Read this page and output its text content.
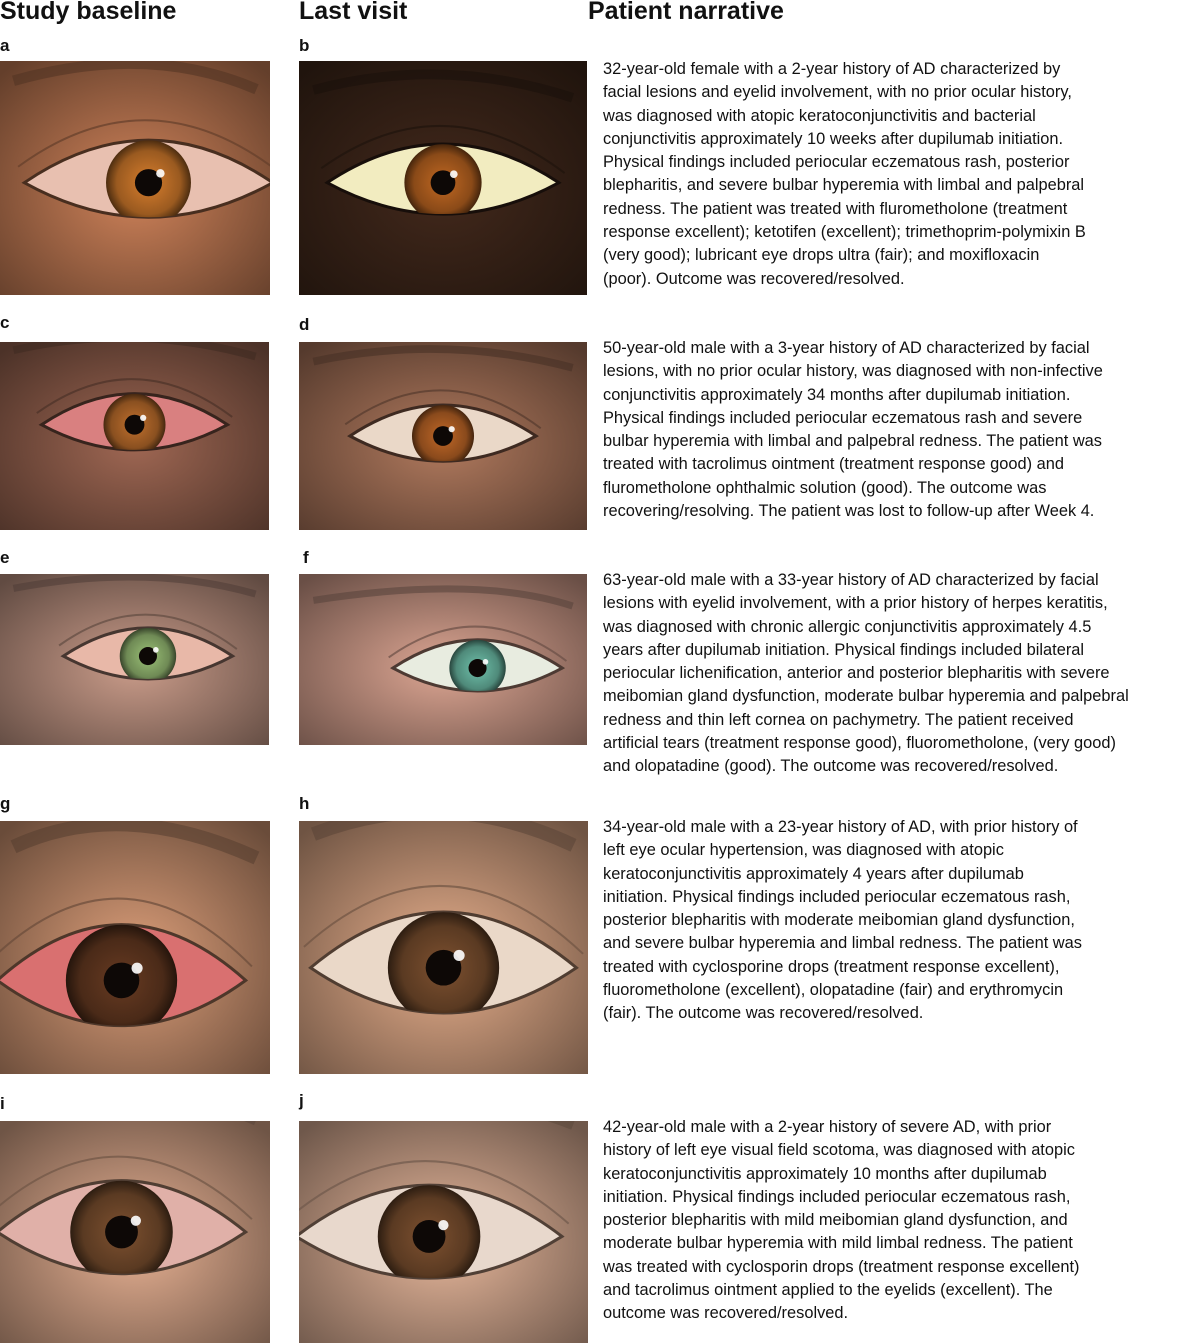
Study baseline	Last visit	Patient narrative
a	b
32-year-old female with a 2-year history of AD characterized by
facial lesions and eyelid involvement, with no prior ocular history,
was diagnosed with atopic keratoconjunctivitis and bacterial
conjunctivitis approximately 10 weeks after dupilumab initiation.
Physical findings included periocular eczematous rash, posterior
blepharitis, and severe bulbar hyperemia with limbal and palpebral
redness. The patient was treated with flurometholone (treatment
response excellent); ketotifen (excellent); trimethoprim-polymixin B
(very good); lubricant eye drops ultra (fair); and moxifloxacin
(poor). Outcome was recovered/resolved.
c	d
50-year-old male with a 3-year history of AD characterized by facial
lesions, with no prior ocular history, was diagnosed with non-infective
conjunctivitis approximately 34 months after dupilumab initiation.
Physical findings included periocular eczematous rash and severe
bulbar hyperemia with limbal and palpebral redness. The patient was
treated with tacrolimus ointment (treatment response good) and
flurometholone ophthalmic solution (good). The outcome was
recovering/resolving. The patient was lost to follow-up after Week 4.
e	f
63-year-old male with a 33-year history of AD characterized by facial
lesions with eyelid involvement, with a prior history of herpes keratitis,
was diagnosed with chronic allergic conjunctivitis approximately 4.5
years after dupilumab initiation. Physical findings included bilateral
periocular lichenification, anterior and posterior blepharitis with severe
meibomian gland dysfunction, moderate bulbar hyperemia and palpebral
redness and thin left cornea on pachymetry. The patient received
artificial tears (treatment response good), fluorometholone, (very good)
and olopatadine (good). The outcome was recovered/resolved.
g	h
34-year-old male with a 23-year history of AD, with prior history of
left eye ocular hypertension, was diagnosed with atopic
keratoconjunctivitis approximately 4 years after dupilumab
initiation. Physical findings included periocular eczematous rash,
posterior blepharitis with moderate meibomian gland dysfunction,
and severe bulbar hyperemia and limbal redness. The patient was
treated with cyclosporine drops (treatment response excellent),
fluorometholone (excellent), olopatadine (fair) and erythromycin
(fair). The outcome was recovered/resolved.
i	j
42-year-old male with a 2-year history of severe AD, with prior
history of left eye visual field scotoma, was diagnosed with atopic
keratoconjunctivitis approximately 10 months after dupilumab
initiation. Physical findings included periocular eczematous rash,
posterior blepharitis with mild meibomian gland dysfunction, and
moderate bulbar hyperemia with mild limbal redness. The patient
was treated with cyclosporin drops (treatment response excellent)
and tacrolimus ointment applied to the eyelids (excellent). The
outcome was recovered/resolved.
